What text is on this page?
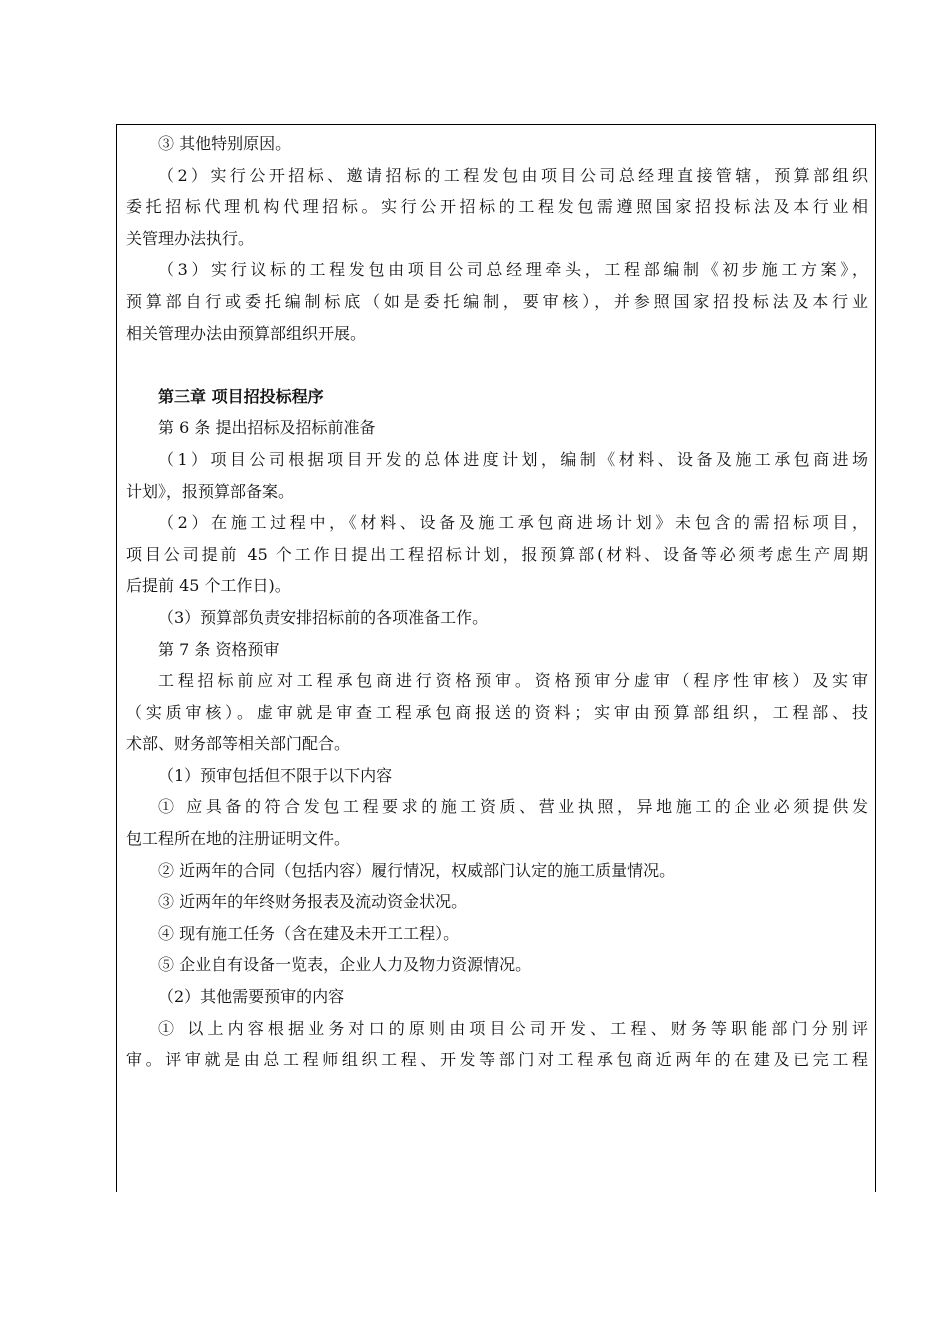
③ 其他特别原因。
（2）实行公开招标、邀请招标的工程发包由项目公司总经理直接管辖，预算部组织
委托招标代理机构代理招标。实行公开招标的工程发包需遵照国家招投标法及本行业相
关管理办法执行。
（3）实行议标的工程发包由项目公司总经理牵头，工程部编制《初步施工方案》，
预算部自行或委托编制标底（如是委托编制，要审核），并参照国家招投标法及本行业
相关管理办法由预算部组织开展。
第三章 项目招投标程序
第 6 条 提出招标及招标前准备
（1）项目公司根据项目开发的总体进度计划，编制《材料、设备及施工承包商进场
计划》，报预算部备案。
（2）在施工过程中，《材料、设备及施工承包商进场计划》未包含的需招标项目，
项目公司提前 45 个工作日提出工程招标计划，报预算部(材料、设备等必须考虑生产周期
后提前 45 个工作日)。
（3）预算部负责安排招标前的各项准备工作。
第 7 条 资格预审
工程招标前应对工程承包商进行资格预审。资格预审分虚审（程序性审核）及实审
（实质审核）。虚审就是审查工程承包商报送的资料；实审由预算部组织，工程部、技
术部、财务部等相关部门配合。
（1）预审包括但不限于以下内容
① 应具备的符合发包工程要求的施工资质、营业执照，异地施工的企业必须提供发
包工程所在地的注册证明文件。
② 近两年的合同（包括内容）履行情况，权威部门认定的施工质量情况。
③ 近两年的年终财务报表及流动资金状况。
④ 现有施工任务（含在建及未开工工程）。
⑤ 企业自有设备一览表，企业人力及物力资源情况。
（2）其他需要预审的内容
① 以上内容根据业务对口的原则由项目公司开发、工程、财务等职能部门分别评
审。评审就是由总工程师组织工程、开发等部门对工程承包商近两年的在建及已完工程
